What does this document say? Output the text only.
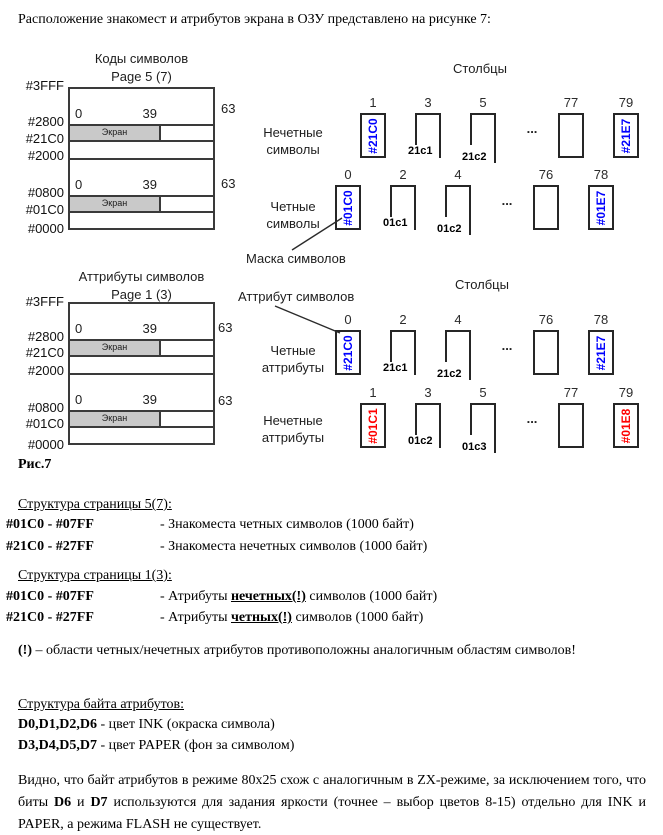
Расположение знакомест и атрибутов экрана в ОЗУ представлено на рисунке 7:
Коды символов
Page 5 (7)
#3FFF
#2800
#21C0
#2000
#0800
#01C0
#0000
0	39
0	39
Экран
Экран
63
63
Столбцы
Нечетные
символы
1	3	5	77	79
#21C0	21c1	21c2
...	#21E7
Четные
символы
0	2	4	76	78
#01C0	01c1	01c2
...	#01E7
Маска символов
Аттрибуты символов
Page 1 (3)
#3FFF
#2800
#21C0
#2000
#0800
#01C0
#0000
0	39
0	39
Экран
Экран
63
63
Аттрибут символов
Столбцы
Четные
аттрибуты
0	2	4	76	78
#21C0	21c1	21c2
...	#21E7
Нечетные
аттрибуты
1	3	5	77	79
#01C1	01c2	01c3
...	#01E8
Рис.7
Структура страницы 5(7):
#01C0 - #07FF	- Знакоместа четных символов (1000 байт)
#21C0 - #27FF	- Знакоместа нечетных символов (1000 байт)
Структура страницы 1(3):
#01C0 - #07FF	- Атрибуты нечетных(!) символов (1000 байт)
#21C0 - #27FF	- Атрибуты четных(!) символов (1000 байт)
(!) – области четных/нечетных атрибутов противоположны аналогичным областям символов!
Структура байта атрибутов:
D0,D1,D2,D6 - цвет INK (окраска символа)
D3,D4,D5,D7 - цвет PAPER (фон за символом)
Видно, что байт атрибутов в режиме 80x25 схож с аналогичным в ZX-режиме, за исключением того, что биты D6 и D7 используются для задания яркости (точнее – выбор цветов 8-15) отдельно для INK и PAPER, а режима FLASH не существует.
